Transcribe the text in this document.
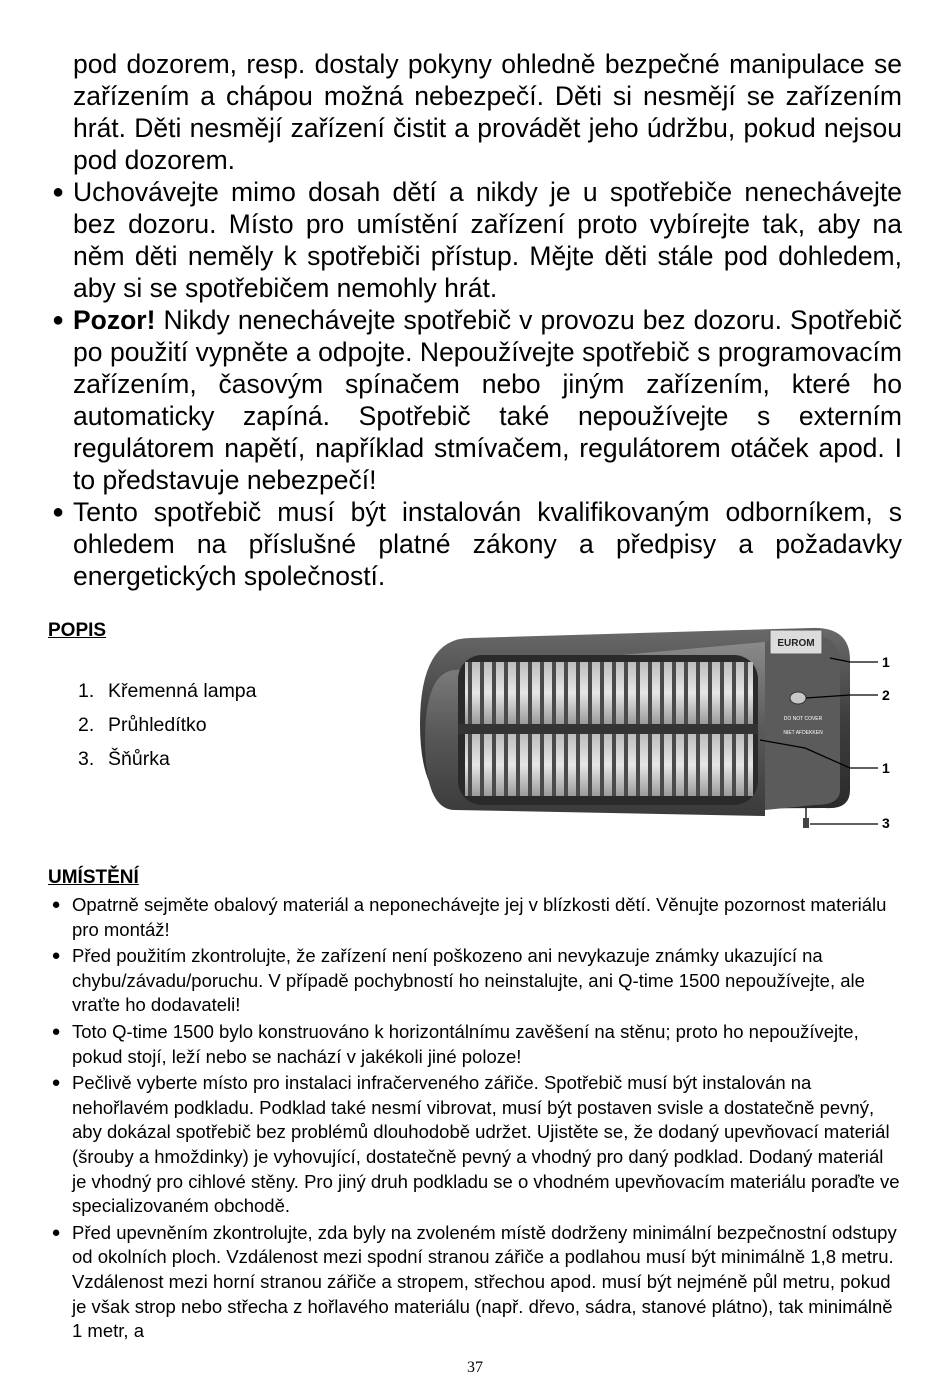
pod dozorem, resp. dostaly pokyny ohledně bezpečné manipulace se zařízením a chápou možná nebezpečí. Děti si nesmějí se zařízením hrát. Děti nesmějí zařízení čistit a provádět jeho údržbu, pokud nejsou pod dozorem.

● Uchovávejte mimo dosah dětí a nikdy je u spotřebiče nenechávejte bez dozoru. Místo pro umístění zařízení proto vybírejte tak, aby na něm děti neměly k spotřebiči přístup. Mějte děti stále pod dohledem, aby si se spotřebičem nemohly hrát.
● Pozor! Nikdy nenechávejte spotřebič v provozu bez dozoru. Spotřebič po použití vypněte a odpojte. Nepoužívejte spotřebič s programovacím zařízením, časovým spínačem nebo jiným zařízením, které ho automaticky zapíná. Spotřebič také nepoužívejte s externím regulátorem napětí, například stmívačem, regulátorem otáček apod. I to představuje nebezpečí!
● Tento spotřebič musí být instalován kvalifikovaným odborníkem, s ohledem na příslušné platné zákony a předpisy a požadavky energetických společností.
POPIS
1. Křemenná lampa
2. Průhledítko
3. Šňůrka
EUROM
DO NOT COVER
NIET AFDEKKEN
1
2
1
3
UMÍSTĚNÍ
● Opatrně sejměte obalový materiál a neponechávejte jej v blízkosti dětí. Věnujte pozornost materiálu pro montáž!
● Před použitím zkontrolujte, že zařízení není poškozeno ani nevykazuje známky ukazující na chybu/závadu/poruchu. V případě pochybností ho neinstalujte, ani Q-time 1500 nepoužívejte, ale vraťte ho dodavateli!
● Toto Q-time 1500 bylo konstruováno k horizontálnímu zavěšení na stěnu; proto ho nepoužívejte, pokud stojí, leží nebo se nachází v jakékoli jiné poloze!
● Pečlivě vyberte místo pro instalaci infračerveného zářiče. Spotřebič musí být instalován na nehořlavém podkladu. Podklad také nesmí vibrovat, musí být postaven svisle a dostatečně pevný, aby dokázal spotřebič bez problémů dlouhodobě udržet. Ujistěte se, že dodaný upevňovací materiál (šrouby a hmoždinky) je vyhovující, dostatečně pevný a vhodný pro daný podklad. Dodaný materiál je vhodný pro cihlové stěny. Pro jiný druh podkladu se o vhodném upevňovacím materiálu poraďte ve specializovaném obchodě.
● Před upevněním zkontrolujte, zda byly na zvoleném místě dodrženy minimální bezpečnostní odstupy od okolních ploch. Vzdálenost mezi spodní stranou zářiče a podlahou musí být minimálně 1,8 metru. Vzdálenost mezi horní stranou zářiče a stropem, střechou apod. musí být nejméně půl metru, pokud je však strop nebo střecha z hořlavého materiálu (např. dřevo, sádra, stanové plátno), tak minimálně 1 metr, a
37
